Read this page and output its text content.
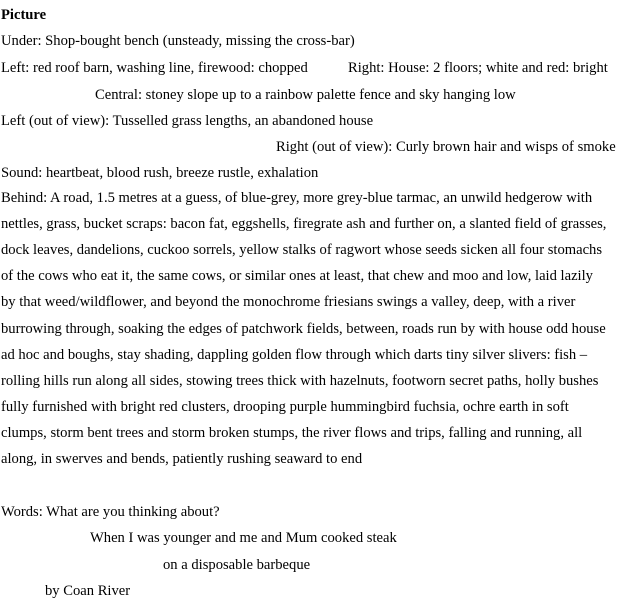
Picture

Under: Shop-bought bench (unsteady, missing the cross-bar)

Left: red roof barn, washing line, firewood: chopped	Right: House: 2 floors; white and red: bright

Central: stoney slope up to a rainbow palette fence and sky hanging low

Left (out of view): Tusselled grass lengths, an abandoned house

Right (out of view): Curly brown hair and wisps of smoke

Sound: heartbeat, blood rush, breeze rustle, exhalation

Behind: A road, 1.5 metres at a guess, of blue-grey, more grey-blue tarmac, an unwild hedgerow with

nettles, grass, bucket scraps: bacon fat, eggshells, firegrate ash and further on, a slanted field of grasses,

dock leaves, dandelions, cuckoo sorrels, yellow stalks of ragwort whose seeds sicken all four stomachs

of the cows who eat it, the same cows, or similar ones at least, that chew and moo and low, laid lazily

by that weed/wildflower, and beyond the monochrome friesians swings a valley, deep, with a river

burrowing through, soaking the edges of patchwork fields, between, roads run by with house odd house

ad hoc and boughs, stay shading, dappling golden flow through which darts tiny silver slivers: fish –

rolling hills run along all sides, stowing trees thick with hazelnuts, footworn secret paths, holly bushes

fully furnished with bright red clusters, drooping purple hummingbird fuchsia, ochre earth in soft

clumps, storm bent trees and storm broken stumps, the river flows and trips, falling and running, all

along, in swerves and bends, patiently rushing seaward to end

Words: What are you thinking about?

When I was younger and me and Mum cooked steak

on a disposable barbeque

by Coan River
